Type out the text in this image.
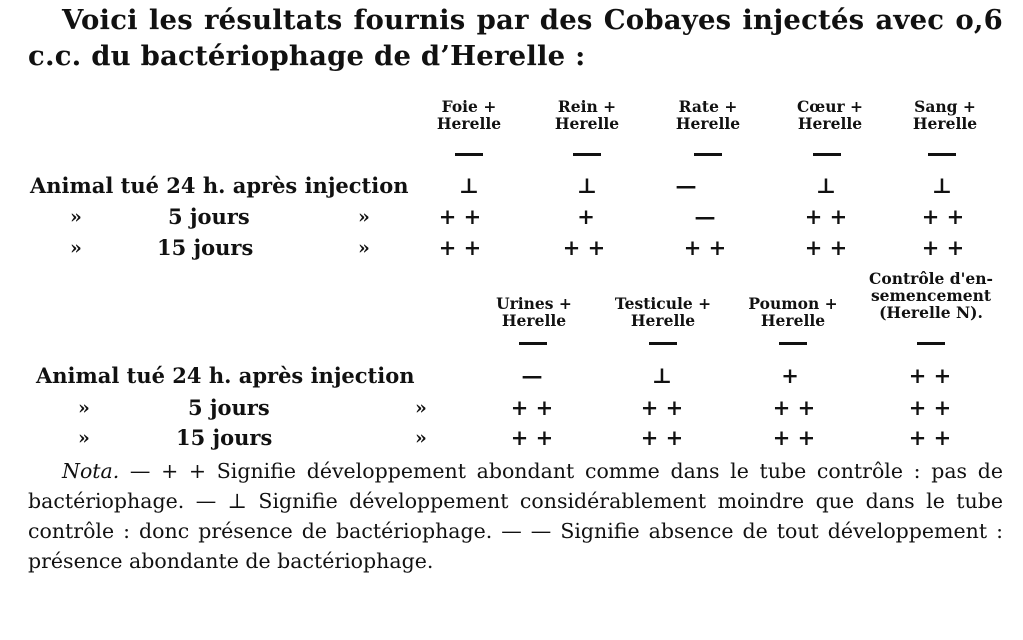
Voici les résultats fournis par des Cobayes injectés avec o,6 c.c. du bactériophage de d’Herelle :
Foie +
Herelle
Rein +
Herelle
Rate +
Herelle
Cœur +
Herelle
Sang +
Herelle
Animal tué 24 h. après injection	⊥	⊥	—	⊥	⊥
»	5 jours	»	+ +	+	—	+ +	+ +
»	15 jours	»	+ +	+ +	+ +	+ +	+ +
Urines +
Herelle
Testicule +
Herelle
Poumon +
Herelle
Contrôle d'en-
semencement
(Herelle N).
Animal tué 24 h. après injection	—	⊥	+	+ +
»	5 jours	»	+ +	+ +	+ +	+ +
»	15 jours	»	+ +	+ +	+ +	+ +
Nota. — + + Signifie développement abondant comme dans le tube contrôle : pas de bactériophage. — ⊥ Signifie développement considérablement moindre que dans le tube contrôle : donc présence de bactériophage. — — Signifie absence de tout développement : présence abondante de bactériophage.
